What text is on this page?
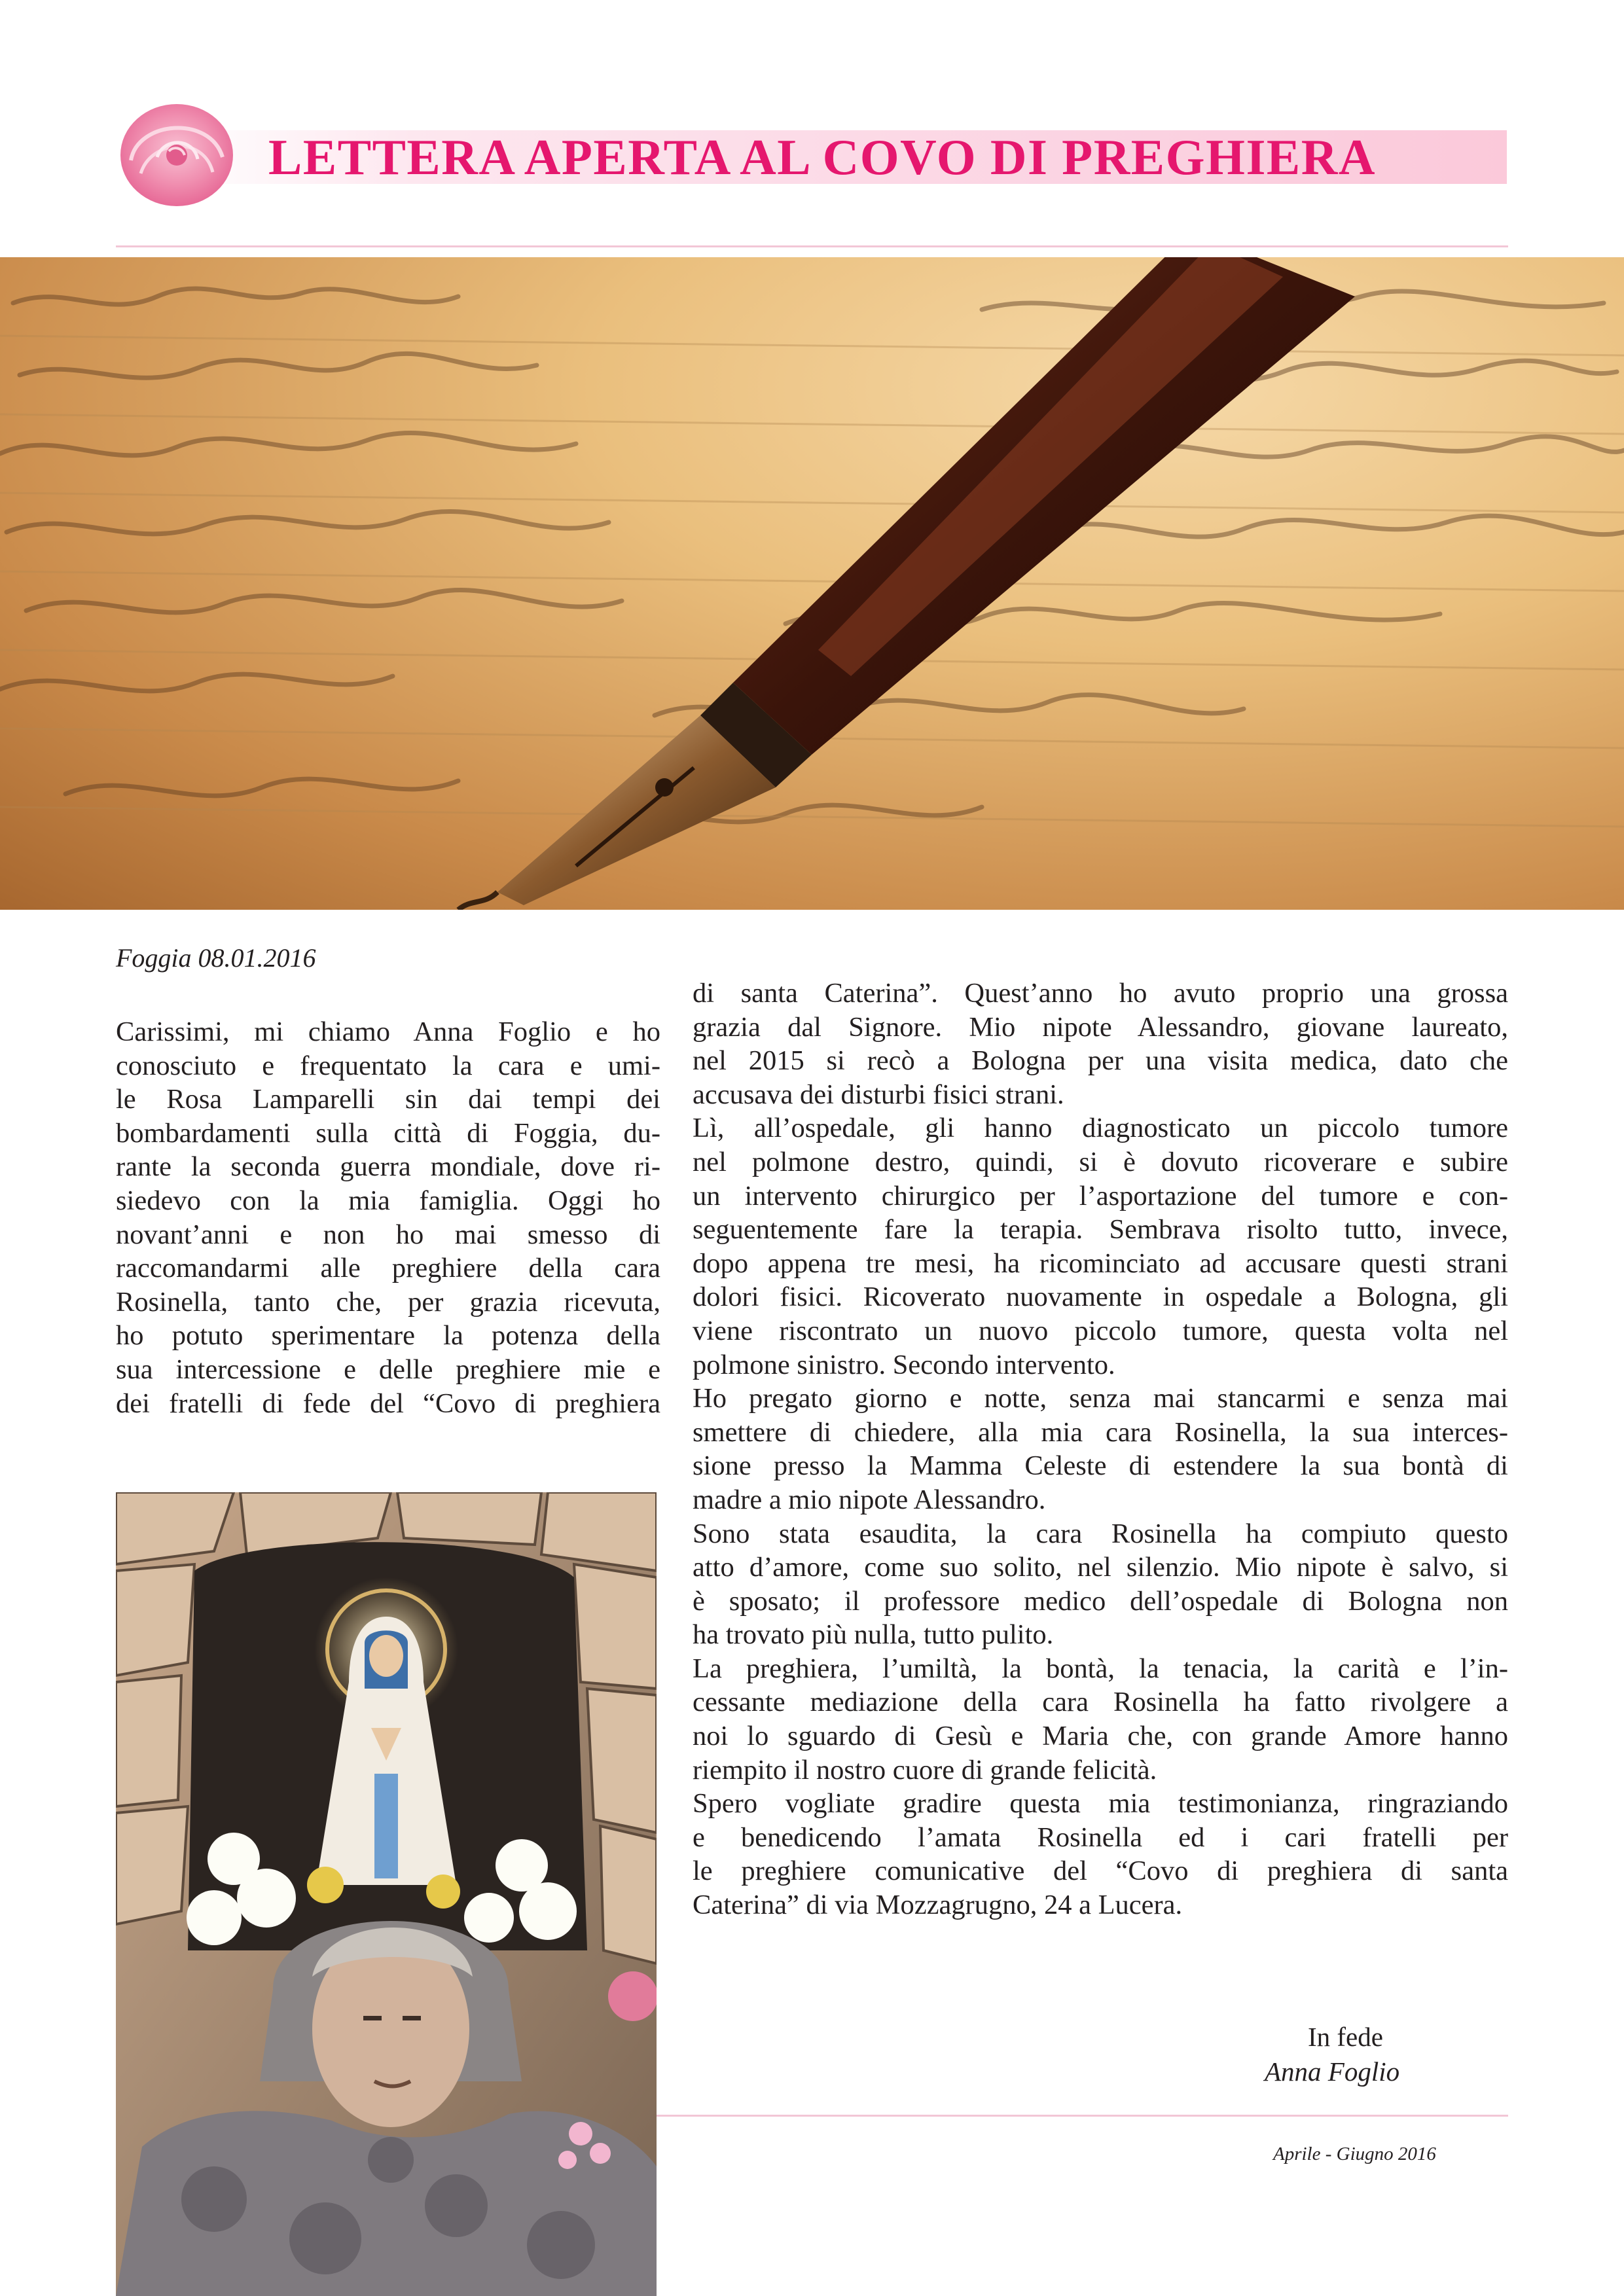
LETTERA APERTA AL COVO DI PREGHIERA
Foggia 08.01.2016
Carissimi, mi chiamo Anna Foglio e ho
conosciuto e frequentato la cara e umi-
le Rosa Lamparelli sin dai tempi dei
bombardamenti sulla città di Foggia, du-
rante la seconda guerra mondiale, dove ri-
siedevo con la mia famiglia. Oggi ho
novant’anni e non ho mai smesso di
raccomandarmi alle preghiere della cara
Rosinella, tanto che, per grazia ricevuta,
ho potuto sperimentare la potenza della
sua intercessione e delle preghiere mie e
dei fratelli di fede del “Covo di preghiera
di santa Caterina”. Quest’anno ho avuto proprio una grossa
grazia dal Signore. Mio nipote Alessandro, giovane laureato,
nel 2015 si recò a Bologna per una visita medica, dato che
accusava dei disturbi fisici strani.
Lì, all’ospedale, gli hanno diagnosticato un piccolo tumore
nel polmone destro, quindi, si è dovuto ricoverare e subire
un intervento chirurgico per l’asportazione del tumore e con-
seguentemente fare la terapia. Sembrava risolto tutto, invece,
dopo appena tre mesi, ha ricominciato ad accusare questi strani
dolori fisici. Ricoverato nuovamente in ospedale a Bologna, gli
viene riscontrato un nuovo piccolo tumore, questa volta nel
polmone sinistro. Secondo intervento.
Ho pregato giorno e notte, senza mai stancarmi e senza mai
smettere di chiedere, alla mia cara Rosinella, la sua interces-
sione presso la Mamma Celeste di estendere la sua bontà di
madre a mio nipote Alessandro.
Sono stata esaudita, la cara Rosinella ha compiuto questo
atto d’amore, come suo solito, nel silenzio. Mio nipote è salvo, si
è sposato; il professore medico dell’ospedale di Bologna non
ha trovato più nulla, tutto pulito.
La preghiera, l’umiltà, la bontà, la tenacia, la carità e l’in-
cessante mediazione della cara Rosinella ha fatto rivolgere a
noi lo sguardo di Gesù e Maria che, con grande Amore hanno
riempito il nostro cuore di grande felicità.
Spero vogliate gradire questa mia testimonianza, ringraziando
e benedicendo l’amata Rosinella ed i cari fratelli per
le preghiere comunicative del “Covo di preghiera di santa
Caterina” di via Mozzagrugno, 24 a Lucera.
In fede
Anna Foglio
Aprile - Giugno 2016
